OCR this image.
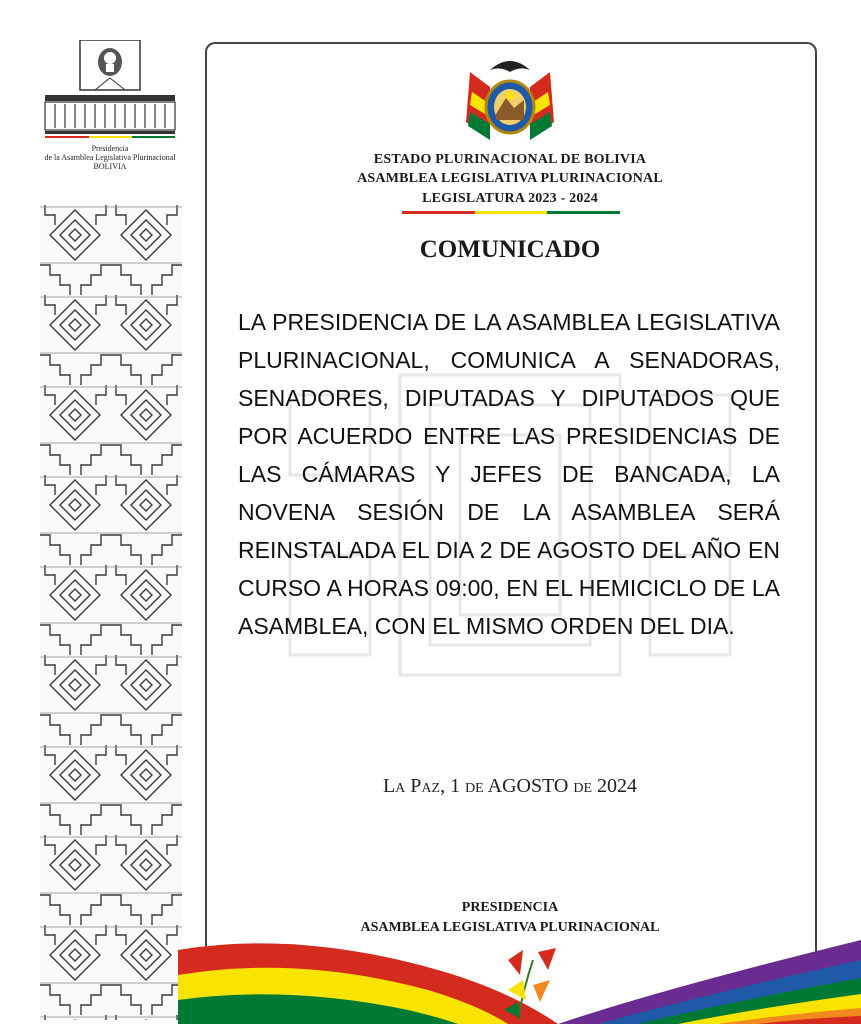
Presidencia
de la Asamblea Legislativa Plurinacional
BOLIVIA	ESTADO PLURINACIONAL DE BOLIVIA
ASAMBLEA LEGISLATIVA PLURINACIONAL
LEGISLATURA 2023 - 2024
COMUNICADO
LA PRESIDENCIA DE LA ASAMBLEA LEGISLATIVA PLURINACIONAL, COMUNICA A SENADORAS, SENADORES, DIPUTADAS Y DIPUTADOS QUE POR ACUERDO ENTRE LAS PRESIDENCIAS DE LAS CÁMARAS Y JEFES DE BANCADA, LA NOVENA SESIÓN DE LA ASAMBLEA SERÁ REINSTALADA EL DIA 2 DE AGOSTO DEL AÑO EN CURSO A HORAS 09:00, EN EL HEMICICLO DE LA ASAMBLEA, CON EL MISMO ORDEN DEL DIA.
La Paz, 1 de AGOSTO de 2024
PRESIDENCIA
ASAMBLEA LEGISLATIVA PLURINACIONAL
